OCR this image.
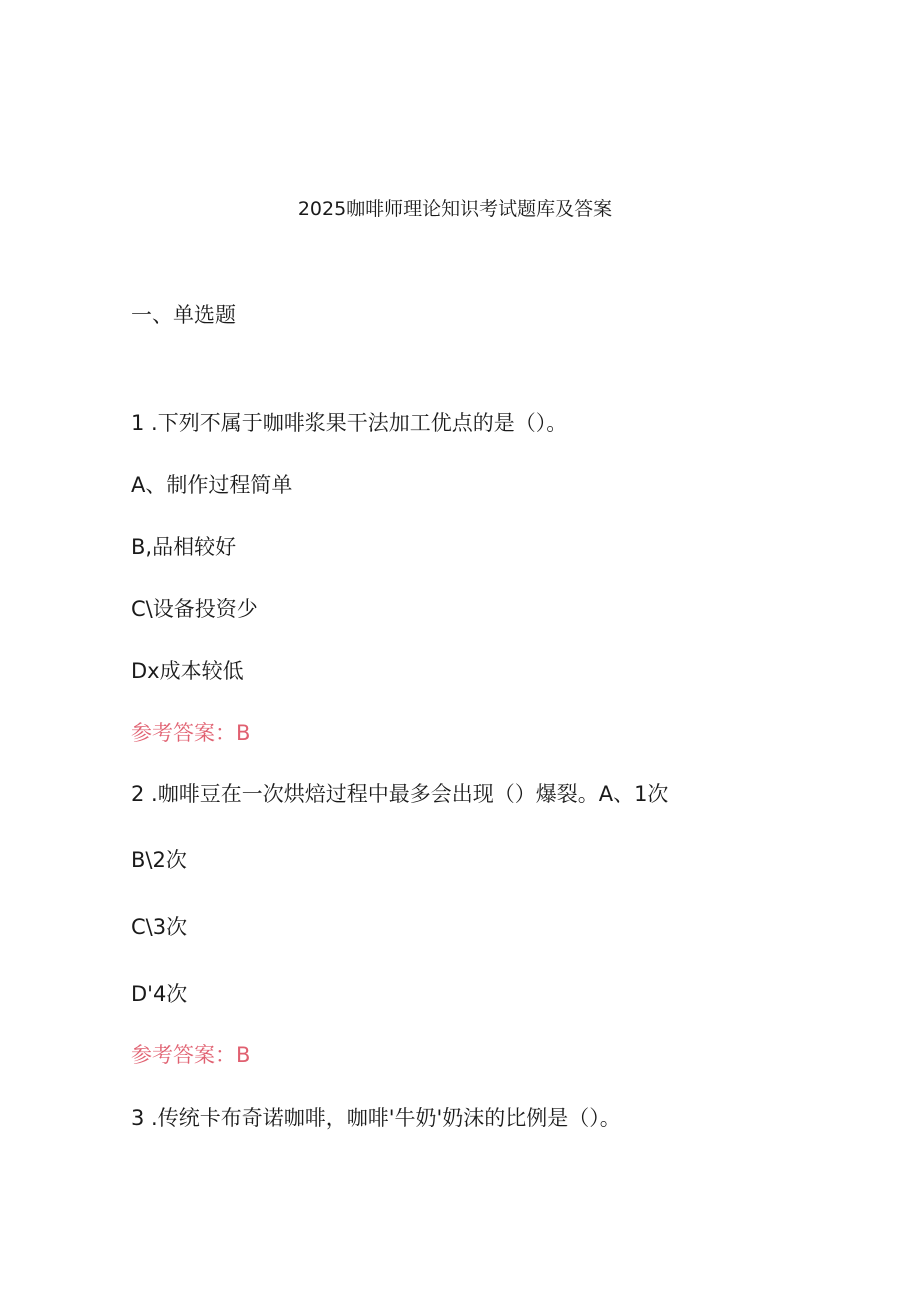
2025咖啡师理论知识考试题库及答案
一、单选题
1 .下列不属于咖啡浆果干法加工优点的是（）。
A、制作过程简单
B,品相较好
C\设备投资少
Dx成本较低
参考答案：B
2 .咖啡豆在一次烘焙过程中最多会出现（）爆裂。A、1次
B\2次
C\3次
D'4次
参考答案：B
3 .传统卡布奇诺咖啡，咖啡'牛奶'奶沫的比例是（）。
